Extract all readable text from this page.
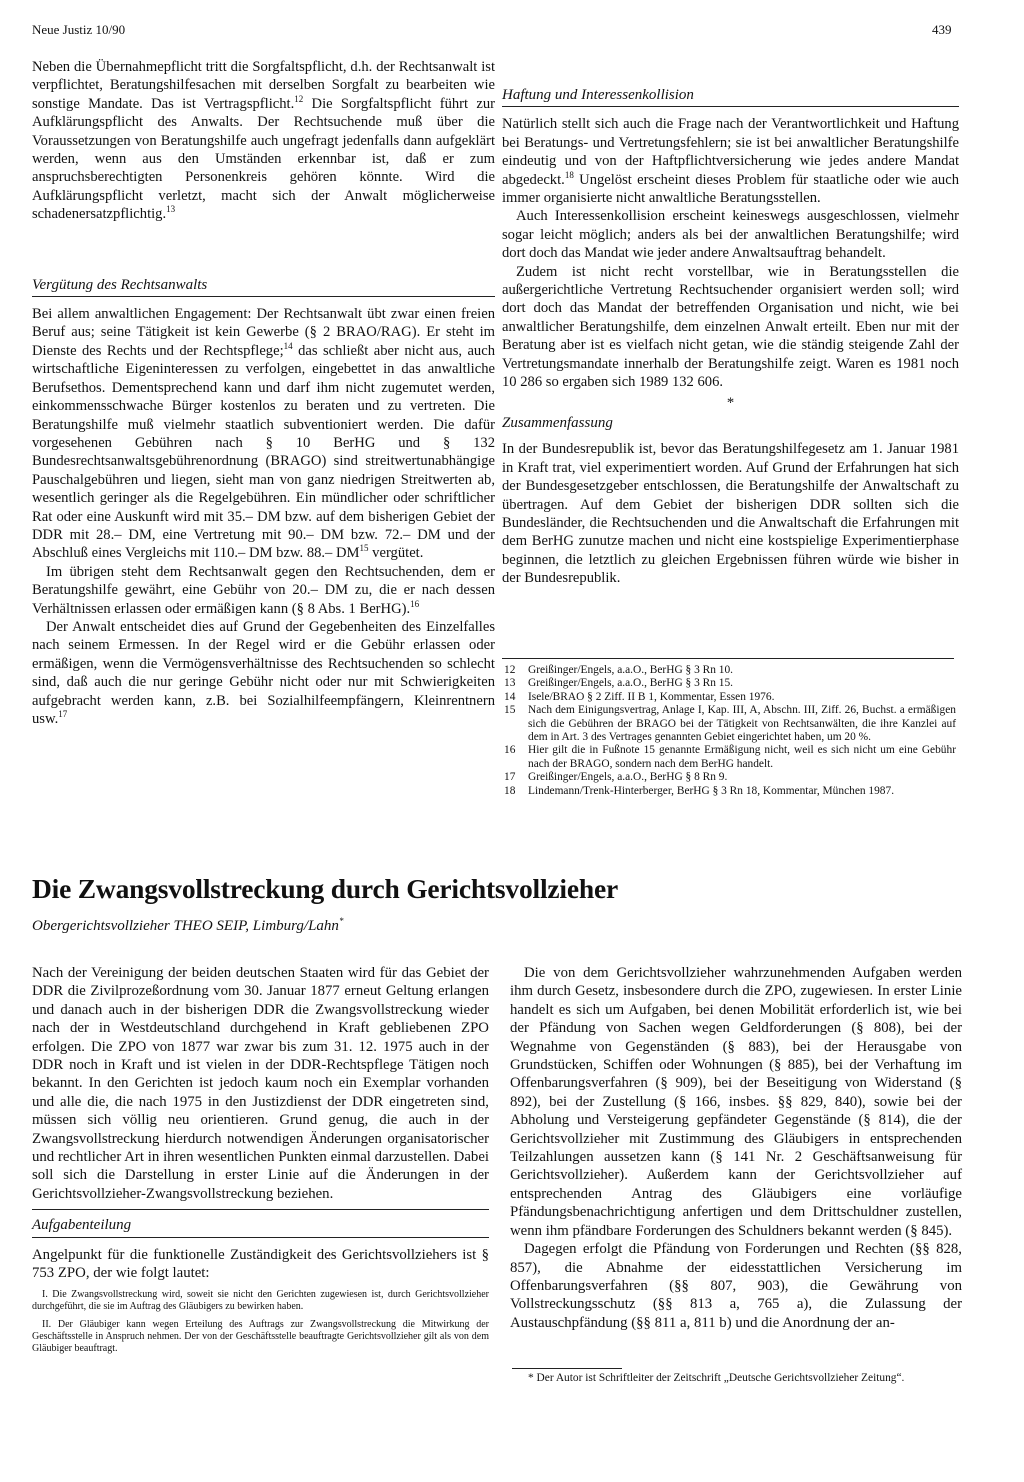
Neue Justiz 10/90	439

Neben die Übernahmepflicht tritt die Sorgfaltspflicht, d.h. der Rechtsanwalt ist verpflichtet, Beratungshilfesachen mit derselben Sorgfalt zu bearbeiten wie sonstige Mandate. Das ist Vertragspflicht.$^{12}$ Die Sorgfaltspflicht führt zur Aufklärungspflicht des Anwalts. Der Rechtsuchende muß über die Voraussetzungen von Beratungshilfe auch ungefragt jedenfalls dann aufgeklärt werden, wenn aus den Umständen erkennbar ist, daß er zum anspruchsberechtigten Personenkreis gehören könnte. Wird die Aufklärungspflicht verletzt, macht sich der Anwalt möglicherweise schadenersatzpflichtig.$^{13}$

Vergütung des Rechtsanwalts

Bei allem anwaltlichen Engagement: Der Rechtsanwalt übt zwar einen freien Beruf aus; seine Tätigkeit ist kein Gewerbe (§ 2 BRAO/RAG). Er steht im Dienste des Rechts und der Rechtspflege;$^{14}$ das schließt aber nicht aus, auch wirtschaftliche Eigeninteressen zu verfolgen, eingebettet in das anwaltliche Berufsethos. Dementsprechend kann und darf ihm nicht zugemutet werden, einkommensschwache Bürger kostenlos zu beraten und zu vertreten. Die Beratungshilfe muß vielmehr staatlich subventioniert werden. Die dafür vorgesehenen Gebühren nach § 10 BerHG und § 132 Bundesrechtsanwaltsgebührenordnung (BRAGO) sind streitwertunabhängige Pauschalgebühren und liegen, sieht man von ganz niedrigen Streitwerten ab, wesentlich geringer als die Regelgebühren. Ein mündlicher oder schriftlicher Rat oder eine Auskunft wird mit 35.– DM bzw. auf dem bisherigen Gebiet der DDR mit 28.– DM, eine Vertretung mit 90.– DM bzw. 72.– DM und der Abschluß eines Vergleichs mit 110.– DM bzw. 88.– DM$^{15}$ vergütet.

Im übrigen steht dem Rechtsanwalt gegen den Rechtsuchenden, dem er Beratungshilfe gewährt, eine Gebühr von 20.– DM zu, die er nach dessen Verhältnissen erlassen oder ermäßigen kann (§ 8 Abs. 1 BerHG).$^{16}$

Der Anwalt entscheidet dies auf Grund der Gegebenheiten des Einzelfalles nach seinem Ermessen. In der Regel wird er die Gebühr erlassen oder ermäßigen, wenn die Vermögensverhältnisse des Rechtsuchenden so schlecht sind, daß auch die nur geringe Gebühr nicht oder nur mit Schwierigkeiten aufgebracht werden kann, z.B. bei Sozialhilfeempfängern, Kleinrentnern usw.$^{17}$

Haftung und Interessenkollision

Natürlich stellt sich auch die Frage nach der Verantwortlichkeit und Haftung bei Beratungs- und Vertretungsfehlern; sie ist bei anwaltlicher Beratungshilfe eindeutig und von der Haftpflichtversicherung wie jedes andere Mandat abgedeckt.$^{18}$ Ungelöst erscheint dieses Problem für staatliche oder wie auch immer organisierte nicht anwaltliche Beratungsstellen.

Auch Interessenkollision erscheint keineswegs ausgeschlossen, vielmehr sogar leicht möglich; anders als bei der anwaltlichen Beratungshilfe; wird dort doch das Mandat wie jeder andere Anwaltsauftrag behandelt.

Zudem ist nicht recht vorstellbar, wie in Beratungsstellen die außergerichtliche Vertretung Rechtsuchender organisiert werden soll; wird dort doch das Mandat der betreffenden Organisation und nicht, wie bei anwaltlicher Beratungshilfe, dem einzelnen Anwalt erteilt. Eben nur mit der Beratung aber ist es vielfach nicht getan, wie die ständig steigende Zahl der Vertretungsmandate innerhalb der Beratungshilfe zeigt. Waren es 1981 noch 10 286 so ergaben sich 1989 132 606.

*
Zusammenfassung

In der Bundesrepublik ist, bevor das Beratungshilfegesetz am 1. Januar 1981 in Kraft trat, viel experimentiert worden. Auf Grund der Erfahrungen hat sich der Bundesgesetzgeber entschlossen, die Beratungshilfe der Anwaltschaft zu übertragen. Auf dem Gebiet der bisherigen DDR sollten sich die Bundesländer, die Rechtsuchenden und die Anwaltschaft die Erfahrungen mit dem BerHG zunutze machen und nicht eine kostspielige Experimentierphase beginnen, die letztlich zu gleichen Ergebnissen führen würde wie bisher in der Bundesrepublik.

12 Greißinger/Engels, a.a.O., BerHG § 3 Rn 10.
13 Greißinger/Engels, a.a.O., BerHG § 3 Rn 15.
14 Isele/BRAO § 2 Ziff. II B 1, Kommentar, Essen 1976.
15 Nach dem Einigungsvertrag, Anlage I, Kap. III, A, Abschn. III, Ziff. 26, Buchst. a ermäßigen sich die Gebühren der BRAGO bei der Tätigkeit von Rechtsanwälten, die ihre Kanzlei auf dem in Art. 3 des Vertrages genannten Gebiet eingerichtet haben, um 20 %.
16 Hier gilt die in Fußnote 15 genannte Ermäßigung nicht, weil es sich nicht um eine Gebühr nach der BRAGO, sondern nach dem BerHG handelt.
17 Greißinger/Engels, a.a.O., BerHG § 8 Rn 9.
18 Lindemann/Trenk-Hinterberger, BerHG § 3 Rn 18, Kommentar, München 1987.
Die Zwangsvollstreckung durch Gerichtsvollzieher
Obergerichtsvollzieher THEO SEIP, Limburg/Lahn*

Nach der Vereinigung der beiden deutschen Staaten wird für das Gebiet der DDR die Zivilprozeßordnung vom 30. Januar 1877 erneut Geltung erlangen und danach auch in der bisherigen DDR die Zwangsvollstreckung wieder nach der in Westdeutschland durchgehend in Kraft gebliebenen ZPO erfolgen. Die ZPO von 1877 war zwar bis zum 31. 12. 1975 auch in der DDR noch in Kraft und ist vielen in der DDR-Rechtspflege Tätigen noch bekannt. In den Gerichten ist jedoch kaum noch ein Exemplar vorhanden und alle die, die nach 1975 in den Justizdienst der DDR eingetreten sind, müssen sich völlig neu orientieren. Grund genug, die auch in der Zwangsvollstreckung hierdurch notwendigen Änderungen organisatorischer und rechtlicher Art in ihren wesentlichen Punkten einmal darzustellen. Dabei soll sich die Darstellung in erster Linie auf die Änderungen in der Gerichtsvollzieher-Zwangsvollstreckung beziehen.

Aufgabenteilung

Angelpunkt für die funktionelle Zuständigkeit des Gerichtsvollziehers ist § 753 ZPO, der wie folgt lautet:

I. Die Zwangsvollstreckung wird, soweit sie nicht den Gerichten zugewiesen ist, durch Gerichtsvollzieher durchgeführt, die sie im Auftrag des Gläubigers zu bewirken haben.

II. Der Gläubiger kann wegen Erteilung des Auftrags zur Zwangsvollstreckung die Mitwirkung der Geschäftsstelle in Anspruch nehmen. Der von der Geschäftsstelle beauftragte Gerichtsvollzieher gilt als von dem Gläubiger beauftragt.

Die von dem Gerichtsvollzieher wahrzunehmenden Aufgaben werden ihm durch Gesetz, insbesondere durch die ZPO, zugewiesen. In erster Linie handelt es sich um Aufgaben, bei denen Mobilität erforderlich ist, wie bei der Pfändung von Sachen wegen Geldforderungen (§ 808), bei der Wegnahme von Gegenständen (§ 883), bei der Herausgabe von Grundstücken, Schiffen oder Wohnungen (§ 885), bei der Verhaftung im Offenbarungsverfahren (§ 909), bei der Beseitigung von Widerstand (§ 892), bei der Zustellung (§ 166, insbes. §§ 829, 840), sowie bei der Abholung und Versteigerung gepfändeter Gegenstände (§ 814), die der Gerichtsvollzieher mit Zustimmung des Gläubigers in entsprechenden Teilzahlungen aussetzen kann (§ 141 Nr. 2 Geschäftsanweisung für Gerichtsvollzieher). Außerdem kann der Gerichtsvollzieher auf entsprechenden Antrag des Gläubigers eine vorläufige Pfändungsbenachrichtigung anfertigen und dem Drittschuldner zustellen, wenn ihm pfändbare Forderungen des Schuldners bekannt werden (§ 845).

Dagegen erfolgt die Pfändung von Forderungen und Rechten (§§ 828, 857), die Abnahme der eidesstattlichen Versicherung im Offenbarungsverfahren (§§ 807, 903), die Gewährung von Vollstreckungsschutz (§§ 813 a, 765 a), die Zulassung der Austauschpfändung (§§ 811 a, 811 b) und die Anordnung der an-

* Der Autor ist Schriftleiter der Zeitschrift „Deutsche Gerichtsvollzieher Zeitung“.
